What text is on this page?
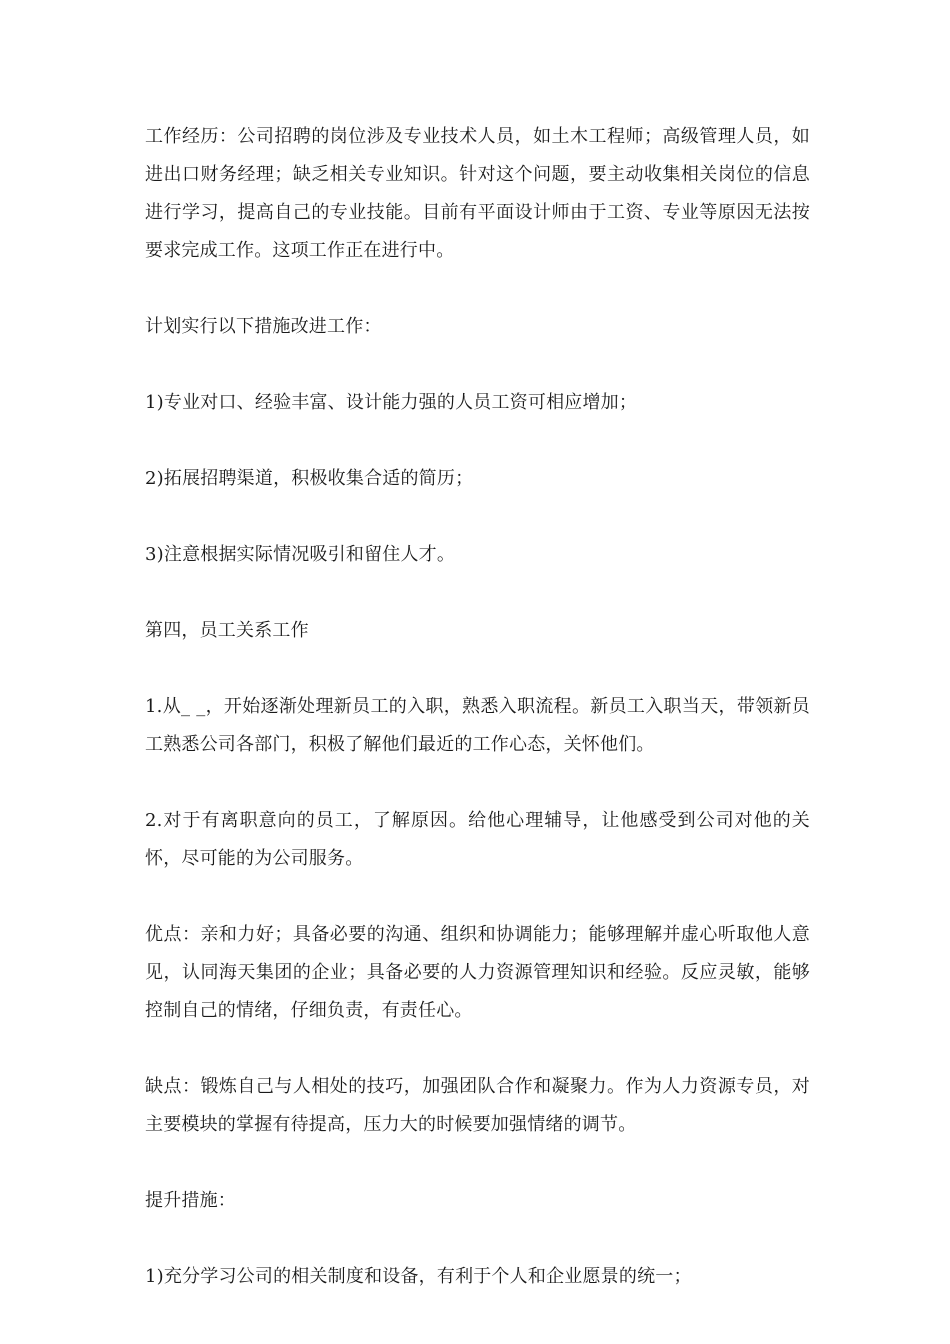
工作经历：公司招聘的岗位涉及专业技术人员，如土木工程师；高级管理人员，如进出口财务经理；缺乏相关专业知识。针对这个问题，要主动收集相关岗位的信息进行学习，提高自己的专业技能。目前有平面设计师由于工资、专业等原因无法按要求完成工作。这项工作正在进行中。

计划实行以下措施改进工作：

1)专业对口、经验丰富、设计能力强的人员工资可相应增加；

2)拓展招聘渠道，积极收集合适的简历；

3)注意根据实际情况吸引和留住人才。

第四，员工关系工作

1.从_ _，开始逐渐处理新员工的入职，熟悉入职流程。新员工入职当天，带领新员工熟悉公司各部门，积极了解他们最近的工作心态，关怀他们。

2.对于有离职意向的员工，了解原因。给他心理辅导，让他感受到公司对他的关怀，尽可能的为公司服务。

优点：亲和力好；具备必要的沟通、组织和协调能力；能够理解并虚心听取他人意见，认同海天集团的企业；具备必要的人力资源管理知识和经验。反应灵敏，能够控制自己的情绪，仔细负责，有责任心。

缺点：锻炼自己与人相处的技巧，加强团队合作和凝聚力。作为人力资源专员，对主要模块的掌握有待提高，压力大的时候要加强情绪的调节。

提升措施：

1)充分学习公司的相关制度和设备，有利于个人和企业愿景的统一；
